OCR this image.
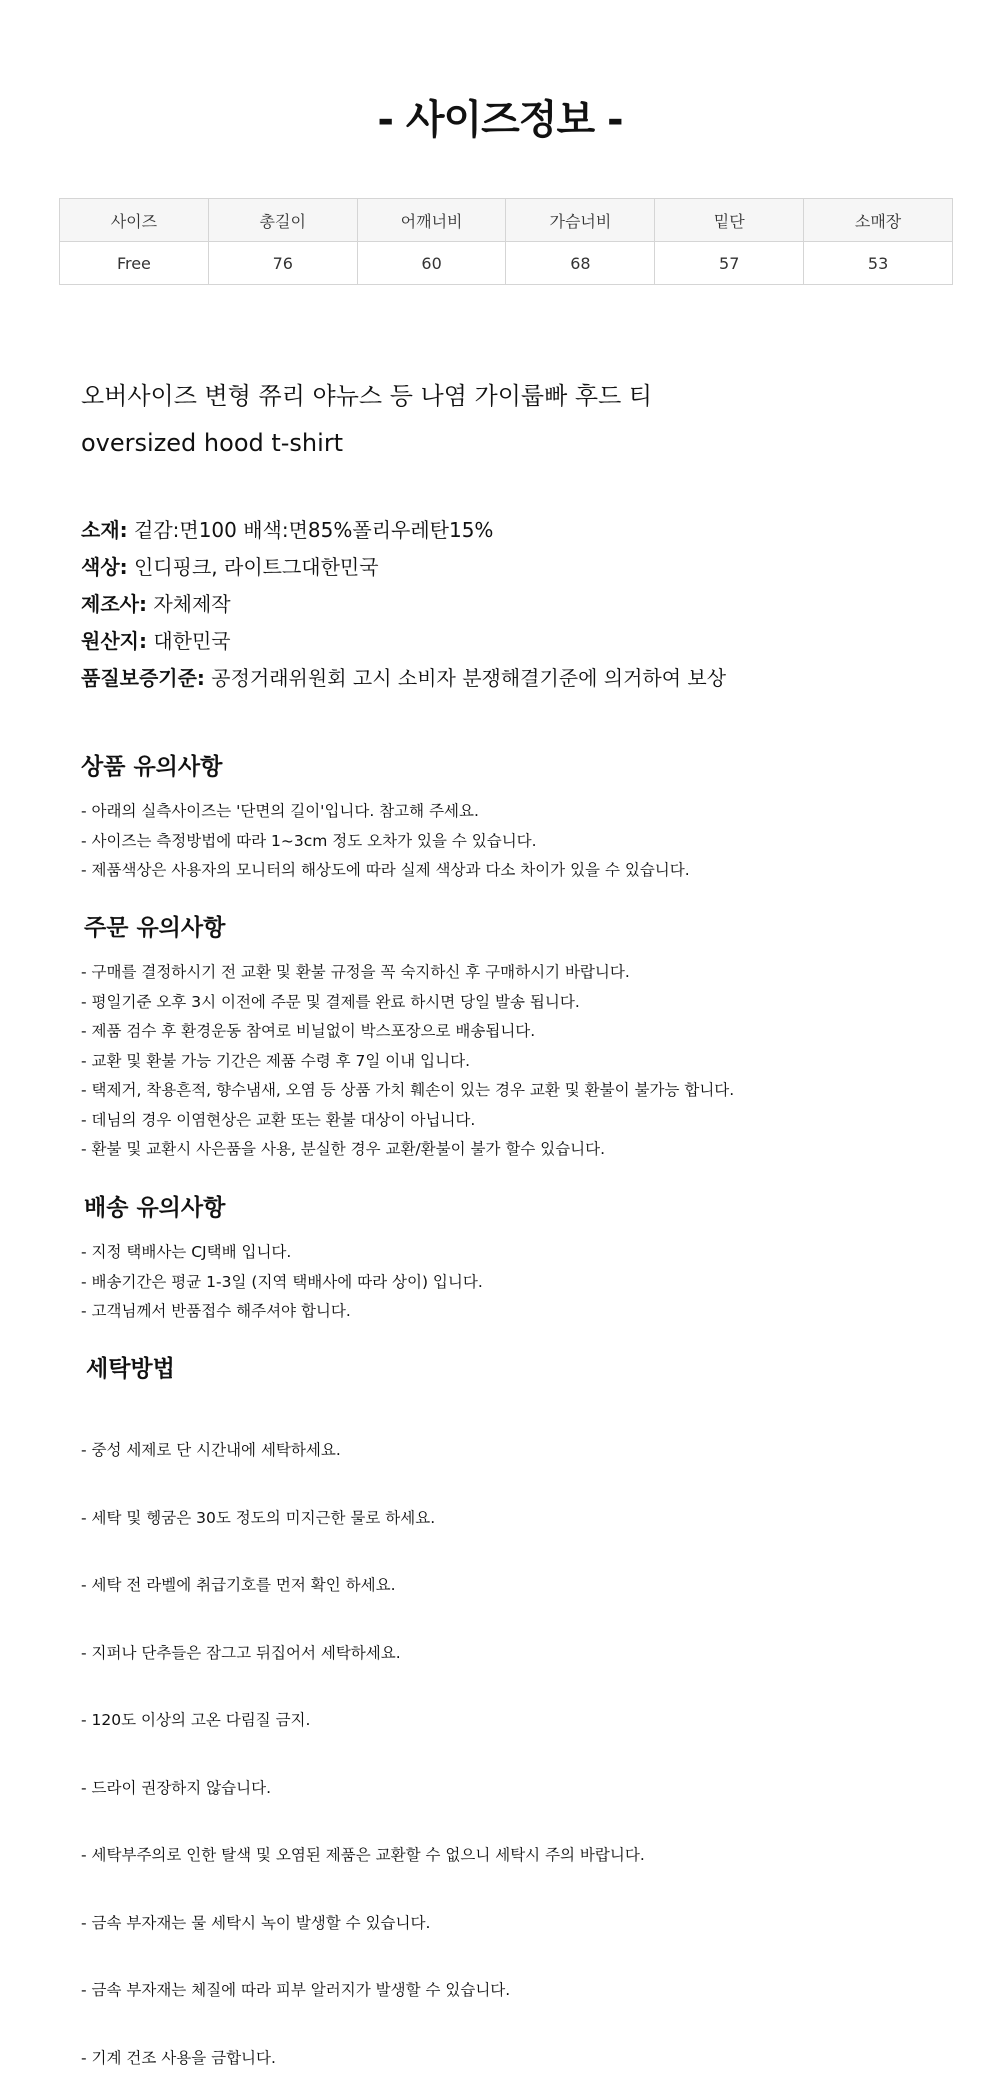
- 사이즈정보 -
사이즈	총길이	어깨너비	가슴너비	밑단	소매장
Free	76	60	68	57	53
오버사이즈 변형 쮸리 야뉴스 등 나염 가이룹빠 후드 티
oversized hood t-shirt
소재: 겉감:면100 배색:면85%폴리우레탄15%
색상: 인디핑크, 라이트그대한민국
제조사: 자체제작
원산지: 대한민국
품질보증기준: 공정거래위원회 고시 소비자 분쟁해결기준에 의거하여 보상
상품 유의사항
- 아래의 실측사이즈는 '단면의 길이'입니다. 참고해 주세요.
- 사이즈는 측정방법에 따라 1~3cm 정도 오차가 있을 수 있습니다.
- 제품색상은 사용자의 모니터의 해상도에 따라 실제 색상과 다소 차이가 있을 수 있습니다.
주문 유의사항
- 구매를 결정하시기 전 교환 및 환불 규정을 꼭 숙지하신 후 구매하시기 바랍니다.
- 평일기준 오후 3시 이전에 주문 및 결제를 완료 하시면 당일 발송 됩니다.
- 제품 검수 후 환경운동 참여로 비닐없이 박스포장으로 배송됩니다.
- 교환 및 환불 가능 기간은 제품 수령 후 7일 이내 입니다.
- 택제거, 착용흔적, 향수냄새, 오염 등 상품 가치 훼손이 있는 경우 교환 및 환불이 불가능 합니다.
- 데님의 경우 이염현상은 교환 또는 환불 대상이 아닙니다.
- 환불 및 교환시 사은품을 사용, 분실한 경우 교환/환불이 불가 할수 있습니다.
배송 유의사항
- 지정 택배사는 CJ택배 입니다.
- 배송기간은 평균 1-3일 (지역 택배사에 따라 상이) 입니다.
- 고객님께서 반품접수 해주셔야 합니다.
세탁방법

- 중성 세제로 단 시간내에 세탁하세요.

- 세탁 및 헹굼은 30도 정도의 미지근한 물로 하세요.

- 세탁 전 라벨에 취급기호를 먼저 확인 하세요.

- 지퍼나 단추들은 잠그고 뒤집어서 세탁하세요.

- 120도 이상의 고온 다림질 금지.

- 드라이 권장하지 않습니다.

- 세탁부주의로 인한 탈색 및 오염된 제품은 교환할 수 없으니 세탁시 주의 바랍니다.

- 금속 부자재는 물 세탁시 녹이 발생할 수 있습니다.

- 금속 부자재는 체질에 따라 피부 알러지가 발생할 수 있습니다.

- 기계 건조 사용을 금합니다.
